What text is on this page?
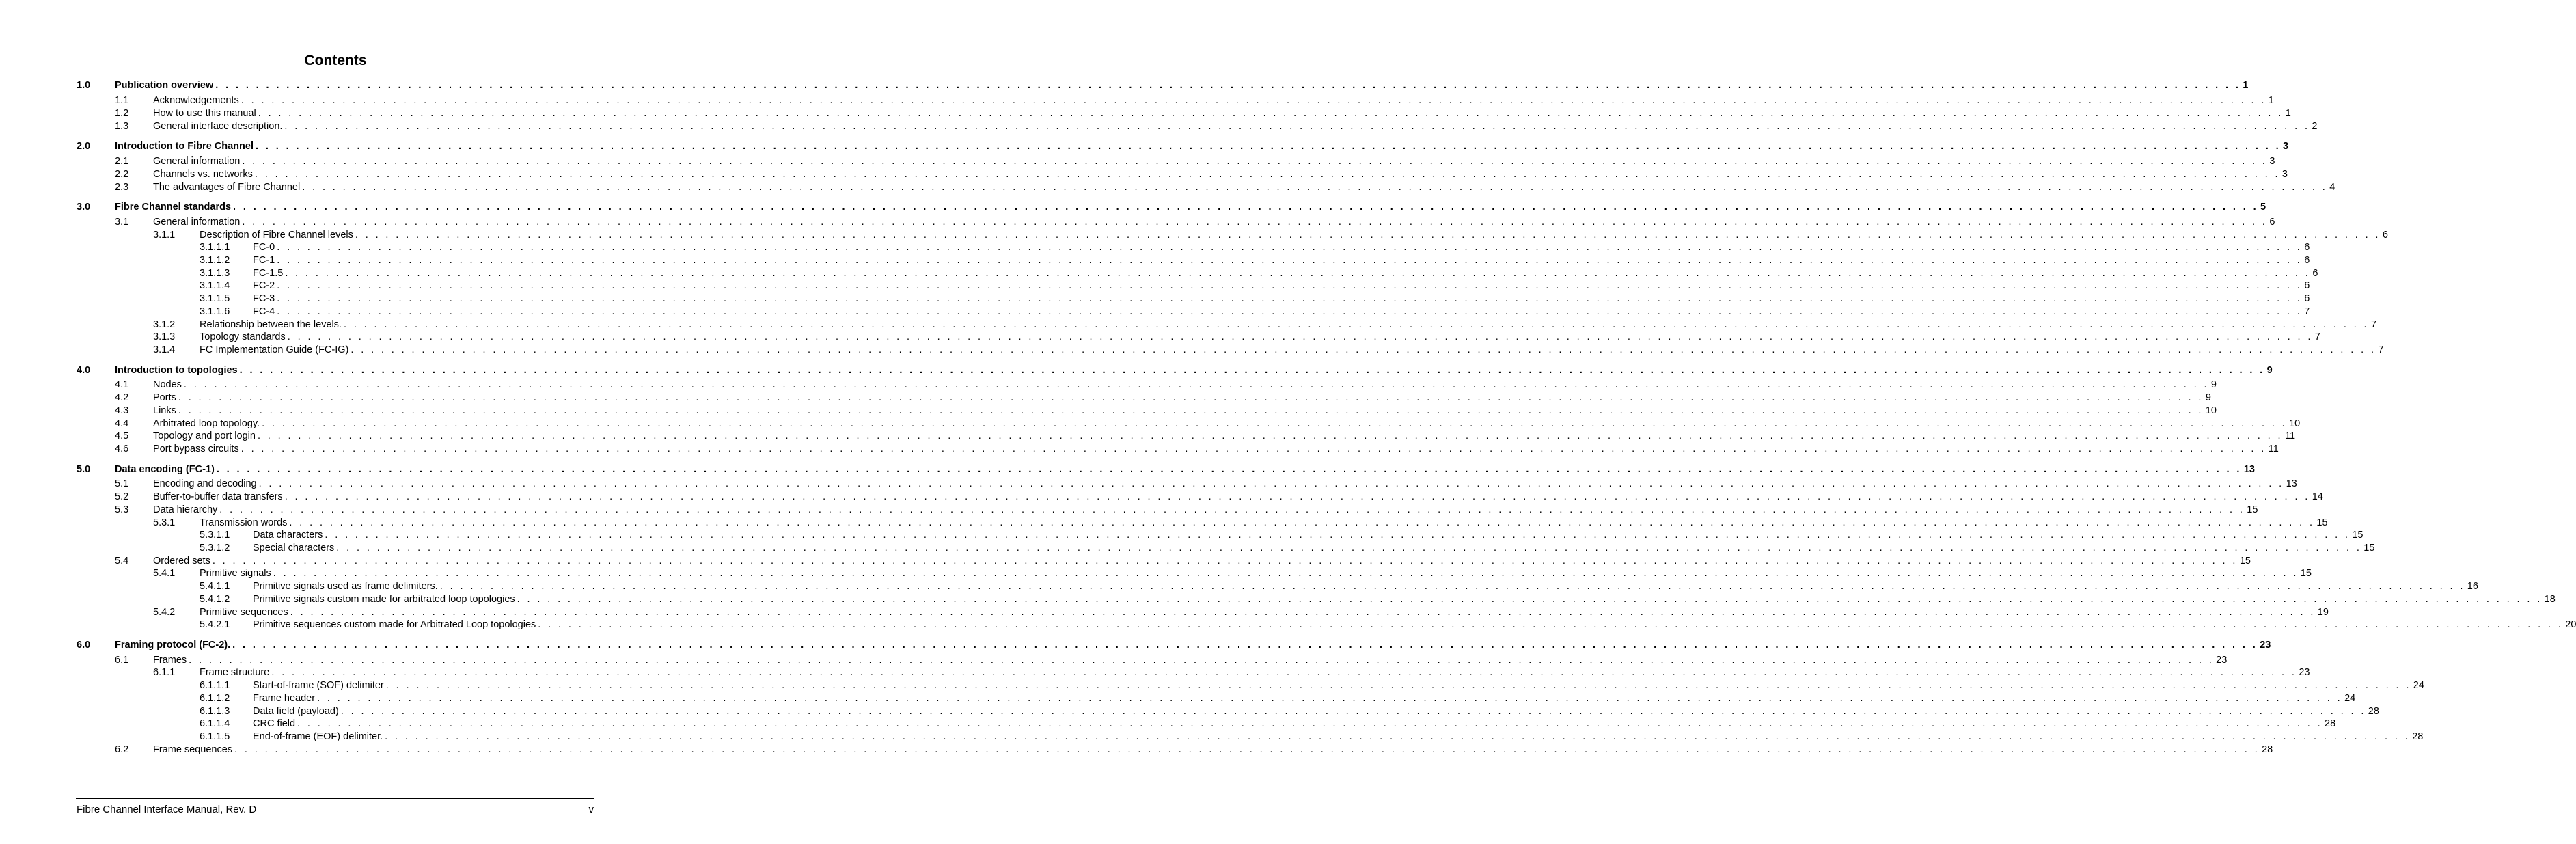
Contents
1.0 Publication overview . . . . . . . . . . . . . . . . . . . . . . . . . . . . . . . . . . . . . . . . . . . . . . . . . . . . . . . . . . . . . . . . . . . . . . . . . . . . . . . . . . . . . . . . . . . . . . . . . . . . . . . . . . . . . . . . . . . . . . . . . . . . . . . . . . . . . . . . . . . . . . . . . . . . . . . . . . . . . . . . . . . . . . . . . . . . . . . . . . . . . . . . . . . . . . . . . . . . . . . . 1
1.1 Acknowledgements . . . . . . . . . . . . . . . . . . . . . . . . . . . . . . . . . . . . . . . . . . . . . . . . . . . . . . . . . . . . . . . . . . . . . . . . . . . . . . . . . . . . . . . . . . . . . . . . . . . . . . . . . . . . . . . . . . . . . . . . . . . . . . . . . . . . . . . . . . . . . . . . . . . . . . . . . . . . . . . . . . . . . . . . . . . . . . . . . . . . . . . . . . . . . . . . . . . . . . . . 1
1.2 How to use this manual . . . . . . . . . . . . . . . . . . . . . . . . . . . . . . . . . . . . . . . . . . . . . . . . . . . . . . . . . . . . . . . . . . . . . . . . . . . . . . . . . . . . . . . . . . . . . . . . . . . . . . . . . . . . . . . . . . . . . . . . . . . . . . . . . . . . . . . . . . . . . . . . . . . . . . . . . . . . . . . . . . . . . . . . . . . . . . . . . . . . . . . . . . . . . . . . . . . . . . . . 1
1.3 General interface description. . . . . . . . . . . . . . . . . . . . . . . . . . . . . . . . . . . . . . . . . . . . . . . . . . . . . . . . . . . . . . . . . . . . . . . . . . . . . . . . . . . . . . . . . . . . . . . . . . . . . . . . . . . . . . . . . . . . . . . . . . . . . . . . . . . . . . . . . . . . . . . . . . . . . . . . . . . . . . . . . . . . . . . . . . . . . . . . . . . . . . . . . . . . . . . . . . . . . . . . . 2
2.0 Introduction to Fibre Channel . . . . . . . . . . . . . . . . . . . . . . . . . . . . . . . . . . . . . . . . . . . . . . . . . . . . . . . . . . . . . . . . . . . . . . . . . . . . . . . . . . . . . . . . . . . . . . . . . . . . . . . . . . . . . . . . . . . . . . . . . . . . . . . . . . . . . . . . . . . . . . . . . . . . . . . . . . . . . . . . . . . . . . . . . . . . . . . . . . . . . . . . . . . . . . . . . . . . . . . . 3
2.1 General information . . . . . . . . . . . . . . . . . . . . . . . . . . . . . . . . . . . . . . . . . . . . . . . . . . . . . . . . . . . . . . . . . . . . . . . . . . . . . . . . . . . . . . . . . . . . . . . . . . . . . . . . . . . . . . . . . . . . . . . . . . . . . . . . . . . . . . . . . . . . . . . . . . . . . . . . . . . . . . . . . . . . . . . . . . . . . . . . . . . . . . . . . . . . . . . . . . . . . . . . 3
2.2 Channels vs. networks . . . . . . . . . . . . . . . . . . . . . . . . . . . . . . . . . . . . . . . . . . . . . . . . . . . . . . . . . . . . . . . . . . . . . . . . . . . . . . . . . . . . . . . . . . . . . . . . . . . . . . . . . . . . . . . . . . . . . . . . . . . . . . . . . . . . . . . . . . . . . . . . . . . . . . . . . . . . . . . . . . . . . . . . . . . . . . . . . . . . . . . . . . . . . . . . . . . . . . . . 3
2.3 The advantages of Fibre Channel . . . . . . . . . . . . . . . . . . . . . . . . . . . . . . . . . . . . . . . . . . . . . . . . . . . . . . . . . . . . . . . . . . . . . . . . . . . . . . . . . . . . . . . . . . . . . . . . . . . . . . . . . . . . . . . . . . . . . . . . . . . . . . . . . . . . . . . . . . . . . . . . . . . . . . . . . . . . . . . . . . . . . . . . . . . . . . . . . . . . . . . . . . . . . . . . . . . . . . . . 4
3.0 Fibre Channel standards . . . . . . . . . . . . . . . . . . . . . . . . . . . . . . . . . . . . . . . . . . . . . . . . . . . . . . . . . . . . . . . . . . . . . . . . . . . . . . . . . . . . . . . . . . . . . . . . . . . . . . . . . . . . . . . . . . . . . . . . . . . . . . . . . . . . . . . . . . . . . . . . . . . . . . . . . . . . . . . . . . . . . . . . . . . . . . . . . . . . . . . . . . . . . . . . . . . . . . . . 5
3.1 General information . . . . . . . . . . . . . . . . . . . . . . . . . . . . . . . . . . . . . . . . . . . . . . . . . . . . . . . . . . . . . . . . . . . . . . . . . . . . . . . . . . . . . . . . . . . . . . . . . . . . . . . . . . . . . . . . . . . . . . . . . . . . . . . . . . . . . . . . . . . . . . . . . . . . . . . . . . . . . . . . . . . . . . . . . . . . . . . . . . . . . . . . . . . . . . . . . . . . . . . . 6
3.1.1 Description of Fibre Channel levels . . . . . . . . . . . . . . . . . . . . . . . . . . . . . . . . . . . . . . . . . . . . . . . . . . . . . . . . . . . . . . . . . . . . . . . . . . . . . . . . . . . . . . . . . . . . . . . . . . . . . . . . . . . . . . . . . . . . . . . . . . . . . . . . . . . . . . . . . . . . . . . . . . . . . . . . . . . . . . . . . . . . . . . . . . . . . . . . . . . . . . . . . . . . . . . . . . . . . . . . 6
3.1.1.1 FC-0 . . . . . . . . . . . . . . . . . . . . . . . . . . . . . . . . . . . . . . . . . . . . . . . . . . . . . . . . . . . . . . . . . . . . . . . . . . . . . . . . . . . . . . . . . . . . . . . . . . . . . . . . . . . . . . . . . . . . . . . . . . . . . . . . . . . . . . . . . . . . . . . . . . . . . . . . . . . . . . . . . . . . . . . . . . . . . . . . . . . . . . . . . . . . . . . . . . . . . . . . 6
3.1.1.2 FC-1 . . . . . . . . . . . . . . . . . . . . . . . . . . . . . . . . . . . . . . . . . . . . . . . . . . . . . . . . . . . . . . . . . . . . . . . . . . . . . . . . . . . . . . . . . . . . . . . . . . . . . . . . . . . . . . . . . . . . . . . . . . . . . . . . . . . . . . . . . . . . . . . . . . . . . . . . . . . . . . . . . . . . . . . . . . . . . . . . . . . . . . . . . . . . . . . . . . . . . . . . 6
3.1.1.3 FC-1.5 . . . . . . . . . . . . . . . . . . . . . . . . . . . . . . . . . . . . . . . . . . . . . . . . . . . . . . . . . . . . . . . . . . . . . . . . . . . . . . . . . . . . . . . . . . . . . . . . . . . . . . . . . . . . . . . . . . . . . . . . . . . . . . . . . . . . . . . . . . . . . . . . . . . . . . . . . . . . . . . . . . . . . . . . . . . . . . . . . . . . . . . . . . . . . . . . . . . . . . . . 6
3.1.1.4 FC-2 . . . . . . . . . . . . . . . . . . . . . . . . . . . . . . . . . . . . . . . . . . . . . . . . . . . . . . . . . . . . . . . . . . . . . . . . . . . . . . . . . . . . . . . . . . . . . . . . . . . . . . . . . . . . . . . . . . . . . . . . . . . . . . . . . . . . . . . . . . . . . . . . . . . . . . . . . . . . . . . . . . . . . . . . . . . . . . . . . . . . . . . . . . . . . . . . . . . . . . . . 6
3.1.1.5 FC-3 . . . . . . . . . . . . . . . . . . . . . . . . . . . . . . . . . . . . . . . . . . . . . . . . . . . . . . . . . . . . . . . . . . . . . . . . . . . . . . . . . . . . . . . . . . . . . . . . . . . . . . . . . . . . . . . . . . . . . . . . . . . . . . . . . . . . . . . . . . . . . . . . . . . . . . . . . . . . . . . . . . . . . . . . . . . . . . . . . . . . . . . . . . . . . . . . . . . . . . . . 6
3.1.1.6 FC-4 . . . . . . . . . . . . . . . . . . . . . . . . . . . . . . . . . . . . . . . . . . . . . . . . . . . . . . . . . . . . . . . . . . . . . . . . . . . . . . . . . . . . . . . . . . . . . . . . . . . . . . . . . . . . . . . . . . . . . . . . . . . . . . . . . . . . . . . . . . . . . . . . . . . . . . . . . . . . . . . . . . . . . . . . . . . . . . . . . . . . . . . . . . . . . . . . . . . . . . . . 7
3.1.2 Relationship between the levels. . . . . . . . . . . . . . . . . . . . . . . . . . . . . . . . . . . . . . . . . . . . . . . . . . . . . . . . . . . . . . . . . . . . . . . . . . . . . . . . . . . . . . . . . . . . . . . . . . . . . . . . . . . . . . . . . . . . . . . . . . . . . . . . . . . . . . . . . . . . . . . . . . . . . . . . . . . . . . . . . . . . . . . . . . . . . . . . . . . . . . . . . . . . . . . . . . . . . . . . . 7
3.1.3 Topology standards . . . . . . . . . . . . . . . . . . . . . . . . . . . . . . . . . . . . . . . . . . . . . . . . . . . . . . . . . . . . . . . . . . . . . . . . . . . . . . . . . . . . . . . . . . . . . . . . . . . . . . . . . . . . . . . . . . . . . . . . . . . . . . . . . . . . . . . . . . . . . . . . . . . . . . . . . . . . . . . . . . . . . . . . . . . . . . . . . . . . . . . . . . . . . . . . . . . . . . . . 7
3.1.4 FC Implementation Guide (FC-IG) . . . . . . . . . . . . . . . . . . . . . . . . . . . . . . . . . . . . . . . . . . . . . . . . . . . . . . . . . . . . . . . . . . . . . . . . . . . . . . . . . . . . . . . . . . . . . . . . . . . . . . . . . . . . . . . . . . . . . . . . . . . . . . . . . . . . . . . . . . . . . . . . . . . . . . . . . . . . . . . . . . . . . . . . . . . . . . . . . . . . . . . . . . . . . . . . . . . . . . . . 7
4.0 Introduction to topologies . . . . . . . . . . . . . . . . . . . . . . . . . . . . . . . . . . . . . . . . . . . . . . . . . . . . . . . . . . . . . . . . . . . . . . . . . . . . . . . . . . . . . . . . . . . . . . . . . . . . . . . . . . . . . . . . . . . . . . . . . . . . . . . . . . . . . . . . . . . . . . . . . . . . . . . . . . . . . . . . . . . . . . . . . . . . . . . . . . . . . . . . . . . . . . . . . . . . . . . . 9
4.1 Nodes . . . . . . . . . . . . . . . . . . . . . . . . . . . . . . . . . . . . . . . . . . . . . . . . . . . . . . . . . . . . . . . . . . . . . . . . . . . . . . . . . . . . . . . . . . . . . . . . . . . . . . . . . . . . . . . . . . . . . . . . . . . . . . . . . . . . . . . . . . . . . . . . . . . . . . . . . . . . . . . . . . . . . . . . . . . . . . . . . . . . . . . . . . . . . . . . . . . . . . . . 9
4.2 Ports . . . . . . . . . . . . . . . . . . . . . . . . . . . . . . . . . . . . . . . . . . . . . . . . . . . . . . . . . . . . . . . . . . . . . . . . . . . . . . . . . . . . . . . . . . . . . . . . . . . . . . . . . . . . . . . . . . . . . . . . . . . . . . . . . . . . . . . . . . . . . . . . . . . . . . . . . . . . . . . . . . . . . . . . . . . . . . . . . . . . . . . . . . . . . . . . . . . . . . . . 9
4.3 Links . . . . . . . . . . . . . . . . . . . . . . . . . . . . . . . . . . . . . . . . . . . . . . . . . . . . . . . . . . . . . . . . . . . . . . . . . . . . . . . . . . . . . . . . . . . . . . . . . . . . . . . . . . . . . . . . . . . . . . . . . . . . . . . . . . . . . . . . . . . . . . . . . . . . . . . . . . . . . . . . . . . . . . . . . . . . . . . . . . . . . . . . . . . . . . . . . . . . . . . . 10
4.4 Arbitrated loop topology. . . . . . . . . . . . . . . . . . . . . . . . . . . . . . . . . . . . . . . . . . . . . . . . . . . . . . . . . . . . . . . . . . . . . . . . . . . . . . . . . . . . . . . . . . . . . . . . . . . . . . . . . . . . . . . . . . . . . . . . . . . . . . . . . . . . . . . . . . . . . . . . . . . . . . . . . . . . . . . . . . . . . . . . . . . . . . . . . . . . . . . . . . . . . . . . . . . . . . . . . 10
4.5 Topology and port login . . . . . . . . . . . . . . . . . . . . . . . . . . . . . . . . . . . . . . . . . . . . . . . . . . . . . . . . . . . . . . . . . . . . . . . . . . . . . . . . . . . . . . . . . . . . . . . . . . . . . . . . . . . . . . . . . . . . . . . . . . . . . . . . . . . . . . . . . . . . . . . . . . . . . . . . . . . . . . . . . . . . . . . . . . . . . . . . . . . . . . . . . . . . . . . . . . . . . . . . 11
4.6 Port bypass circuits . . . . . . . . . . . . . . . . . . . . . . . . . . . . . . . . . . . . . . . . . . . . . . . . . . . . . . . . . . . . . . . . . . . . . . . . . . . . . . . . . . . . . . . . . . . . . . . . . . . . . . . . . . . . . . . . . . . . . . . . . . . . . . . . . . . . . . . . . . . . . . . . . . . . . . . . . . . . . . . . . . . . . . . . . . . . . . . . . . . . . . . . . . . . . . . . . . . . . . . . 11
5.0 Data encoding (FC-1) . . . . . . . . . . . . . . . . . . . . . . . . . . . . . . . . . . . . . . . . . . . . . . . . . . . . . . . . . . . . . . . . . . . . . . . . . . . . . . . . . . . . . . . . . . . . . . . . . . . . . . . . . . . . . . . . . . . . . . . . . . . . . . . . . . . . . . . . . . . . . . . . . . . . . . . . . . . . . . . . . . . . . . . . . . . . . . . . . . . . . . . . . . . . . . . . . . . . . . . . 13
5.1 Encoding and decoding . . . . . . . . . . . . . . . . . . . . . . . . . . . . . . . . . . . . . . . . . . . . . . . . . . . . . . . . . . . . . . . . . . . . . . . . . . . . . . . . . . . . . . . . . . . . . . . . . . . . . . . . . . . . . . . . . . . . . . . . . . . . . . . . . . . . . . . . . . . . . . . . . . . . . . . . . . . . . . . . . . . . . . . . . . . . . . . . . . . . . . . . . . . . . . . . . . . . . . . . 13
5.2 Buffer-to-buffer data transfers . . . . . . . . . . . . . . . . . . . . . . . . . . . . . . . . . . . . . . . . . . . . . . . . . . . . . . . . . . . . . . . . . . . . . . . . . . . . . . . . . . . . . . . . . . . . . . . . . . . . . . . . . . . . . . . . . . . . . . . . . . . . . . . . . . . . . . . . . . . . . . . . . . . . . . . . . . . . . . . . . . . . . . . . . . . . . . . . . . . . . . . . . . . . . . . . . . . . . . . . 14
5.3 Data hierarchy . . . . . . . . . . . . . . . . . . . . . . . . . . . . . . . . . . . . . . . . . . . . . . . . . . . . . . . . . . . . . . . . . . . . . . . . . . . . . . . . . . . . . . . . . . . . . . . . . . . . . . . . . . . . . . . . . . . . . . . . . . . . . . . . . . . . . . . . . . . . . . . . . . . . . . . . . . . . . . . . . . . . . . . . . . . . . . . . . . . . . . . . . . . . . . . . . . . . . . . . 15
5.3.1 Transmission words . . . . . . . . . . . . . . . . . . . . . . . . . . . . . . . . . . . . . . . . . . . . . . . . . . . . . . . . . . . . . . . . . . . . . . . . . . . . . . . . . . . . . . . . . . . . . . . . . . . . . . . . . . . . . . . . . . . . . . . . . . . . . . . . . . . . . . . . . . . . . . . . . . . . . . . . . . . . . . . . . . . . . . . . . . . . . . . . . . . . . . . . . . . . . . . . . . . . . . . . 15
5.3.1.1 Data characters . . . . . . . . . . . . . . . . . . . . . . . . . . . . . . . . . . . . . . . . . . . . . . . . . . . . . . . . . . . . . . . . . . . . . . . . . . . . . . . . . . . . . . . . . . . . . . . . . . . . . . . . . . . . . . . . . . . . . . . . . . . . . . . . . . . . . . . . . . . . . . . . . . . . . . . . . . . . . . . . . . . . . . . . . . . . . . . . . . . . . . . . . . . . . . . . . . . . . . . . 15
5.3.1.2 Special characters . . . . . . . . . . . . . . . . . . . . . . . . . . . . . . . . . . . . . . . . . . . . . . . . . . . . . . . . . . . . . . . . . . . . . . . . . . . . . . . . . . . . . . . . . . . . . . . . . . . . . . . . . . . . . . . . . . . . . . . . . . . . . . . . . . . . . . . . . . . . . . . . . . . . . . . . . . . . . . . . . . . . . . . . . . . . . . . . . . . . . . . . . . . . . . . . . . . . . . . . 15
5.4 Ordered sets . . . . . . . . . . . . . . . . . . . . . . . . . . . . . . . . . . . . . . . . . . . . . . . . . . . . . . . . . . . . . . . . . . . . . . . . . . . . . . . . . . . . . . . . . . . . . . . . . . . . . . . . . . . . . . . . . . . . . . . . . . . . . . . . . . . . . . . . . . . . . . . . . . . . . . . . . . . . . . . . . . . . . . . . . . . . . . . . . . . . . . . . . . . . . . . . . . . . . . . . 15
5.4.1 Primitive signals . . . . . . . . . . . . . . . . . . . . . . . . . . . . . . . . . . . . . . . . . . . . . . . . . . . . . . . . . . . . . . . . . . . . . . . . . . . . . . . . . . . . . . . . . . . . . . . . . . . . . . . . . . . . . . . . . . . . . . . . . . . . . . . . . . . . . . . . . . . . . . . . . . . . . . . . . . . . . . . . . . . . . . . . . . . . . . . . . . . . . . . . . . . . . . . . . . . . . . . . 15
5.4.1.1 Primitive signals used as frame delimiters. . . . . . . . . . . . . . . . . . . . . . . . . . . . . . . . . . . . . . . . . . . . . . . . . . . . . . . . . . . . . . . . . . . . . . . . . . . . . . . . . . . . . . . . . . . . . . . . . . . . . . . . . . . . . . . . . . . . . . . . . . . . . . . . . . . . . . . . . . . . . . . . . . . . . . . . . . . . . . . . . . . . . . . . . . . . . . . . . . . . . . . . . . . . . . . . . . . . . . . . . 16
5.4.1.2 Primitive signals custom made for arbitrated loop topologies . . . . . . . . . . . . . . . . . . . . . . . . . . . . . . . . . . . . . . . . . . . . . . . . . . . . . . . . . . . . . . . . . . . . . . . . . . . . . . . . . . . . . . . . . . . . . . . . . . . . . . . . . . . . . . . . . . . . . . . . . . . . . . . . . . . . . . . . . . . . . . . . . . . . . . . . . . . . . . . . . . . . . . . . . . . . . . . . . . . . . . . . . . . . . . . . . . . . . . . . 18
5.4.2 Primitive sequences . . . . . . . . . . . . . . . . . . . . . . . . . . . . . . . . . . . . . . . . . . . . . . . . . . . . . . . . . . . . . . . . . . . . . . . . . . . . . . . . . . . . . . . . . . . . . . . . . . . . . . . . . . . . . . . . . . . . . . . . . . . . . . . . . . . . . . . . . . . . . . . . . . . . . . . . . . . . . . . . . . . . . . . . . . . . . . . . . . . . . . . . . . . . . . . . . . . . . . . . 19
5.4.2.1 Primitive sequences custom made for Arbitrated Loop topologies . . . . . . . . . . . . . . . . . . . . . . . . . . . . . . . . . . . . . . . . . . . . . . . . . . . . . . . . . . . . . . . . . . . . . . . . . . . . . . . . . . . . . . . . . . . . . . . . . . . . . . . . . . . . . . . . . . . . . . . . . . . . . . . . . . . . . . . . . . . . . . . . . . . . . . . . . . . . . . . . . . . . . . . . . . . . . . . . . . . . . . . . . . . . . . . . . . . . . . . . 20
6.0 Framing protocol (FC-2). . . . . . . . . . . . . . . . . . . . . . . . . . . . . . . . . . . . . . . . . . . . . . . . . . . . . . . . . . . . . . . . . . . . . . . . . . . . . . . . . . . . . . . . . . . . . . . . . . . . . . . . . . . . . . . . . . . . . . . . . . . . . . . . . . . . . . . . . . . . . . . . . . . . . . . . . . . . . . . . . . . . . . . . . . . . . . . . . . . . . . . . . . . . . . . . . . . . . . . . . 23
6.1 Frames . . . . . . . . . . . . . . . . . . . . . . . . . . . . . . . . . . . . . . . . . . . . . . . . . . . . . . . . . . . . . . . . . . . . . . . . . . . . . . . . . . . . . . . . . . . . . . . . . . . . . . . . . . . . . . . . . . . . . . . . . . . . . . . . . . . . . . . . . . . . . . . . . . . . . . . . . . . . . . . . . . . . . . . . . . . . . . . . . . . . . . . . . . . . . . . . . . . . . . . . 23
6.1.1 Frame structure . . . . . . . . . . . . . . . . . . . . . . . . . . . . . . . . . . . . . . . . . . . . . . . . . . . . . . . . . . . . . . . . . . . . . . . . . . . . . . . . . . . . . . . . . . . . . . . . . . . . . . . . . . . . . . . . . . . . . . . . . . . . . . . . . . . . . . . . . . . . . . . . . . . . . . . . . . . . . . . . . . . . . . . . . . . . . . . . . . . . . . . . . . . . . . . . . . . . . . . . 23
6.1.1.1 Start-of-frame (SOF) delimiter . . . . . . . . . . . . . . . . . . . . . . . . . . . . . . . . . . . . . . . . . . . . . . . . . . . . . . . . . . . . . . . . . . . . . . . . . . . . . . . . . . . . . . . . . . . . . . . . . . . . . . . . . . . . . . . . . . . . . . . . . . . . . . . . . . . . . . . . . . . . . . . . . . . . . . . . . . . . . . . . . . . . . . . . . . . . . . . . . . . . . . . . . . . . . . . . . . . . . . . . 24
6.1.1.2 Frame header . . . . . . . . . . . . . . . . . . . . . . . . . . . . . . . . . . . . . . . . . . . . . . . . . . . . . . . . . . . . . . . . . . . . . . . . . . . . . . . . . . . . . . . . . . . . . . . . . . . . . . . . . . . . . . . . . . . . . . . . . . . . . . . . . . . . . . . . . . . . . . . . . . . . . . . . . . . . . . . . . . . . . . . . . . . . . . . . . . . . . . . . . . . . . . . . . . . . . . . . 24
6.1.1.3 Data field (payload) . . . . . . . . . . . . . . . . . . . . . . . . . . . . . . . . . . . . . . . . . . . . . . . . . . . . . . . . . . . . . . . . . . . . . . . . . . . . . . . . . . . . . . . . . . . . . . . . . . . . . . . . . . . . . . . . . . . . . . . . . . . . . . . . . . . . . . . . . . . . . . . . . . . . . . . . . . . . . . . . . . . . . . . . . . . . . . . . . . . . . . . . . . . . . . . . . . . . . . . . 28
6.1.1.4 CRC field . . . . . . . . . . . . . . . . . . . . . . . . . . . . . . . . . . . . . . . . . . . . . . . . . . . . . . . . . . . . . . . . . . . . . . . . . . . . . . . . . . . . . . . . . . . . . . . . . . . . . . . . . . . . . . . . . . . . . . . . . . . . . . . . . . . . . . . . . . . . . . . . . . . . . . . . . . . . . . . . . . . . . . . . . . . . . . . . . . . . . . . . . . . . . . . . . . . . . . . . 28
6.1.1.5 End-of-frame (EOF) delimiter. . . . . . . . . . . . . . . . . . . . . . . . . . . . . . . . . . . . . . . . . . . . . . . . . . . . . . . . . . . . . . . . . . . . . . . . . . . . . . . . . . . . . . . . . . . . . . . . . . . . . . . . . . . . . . . . . . . . . . . . . . . . . . . . . . . . . . . . . . . . . . . . . . . . . . . . . . . . . . . . . . . . . . . . . . . . . . . . . . . . . . . . . . . . . . . . . . . . . . . . . 28
6.2 Frame sequences . . . . . . . . . . . . . . . . . . . . . . . . . . . . . . . . . . . . . . . . . . . . . . . . . . . . . . . . . . . . . . . . . . . . . . . . . . . . . . . . . . . . . . . . . . . . . . . . . . . . . . . . . . . . . . . . . . . . . . . . . . . . . . . . . . . . . . . . . . . . . . . . . . . . . . . . . . . . . . . . . . . . . . . . . . . . . . . . . . . . . . . . . . . . . . . . . . . . . . . . 28
Fibre Channel Interface Manual, Rev. D	v
